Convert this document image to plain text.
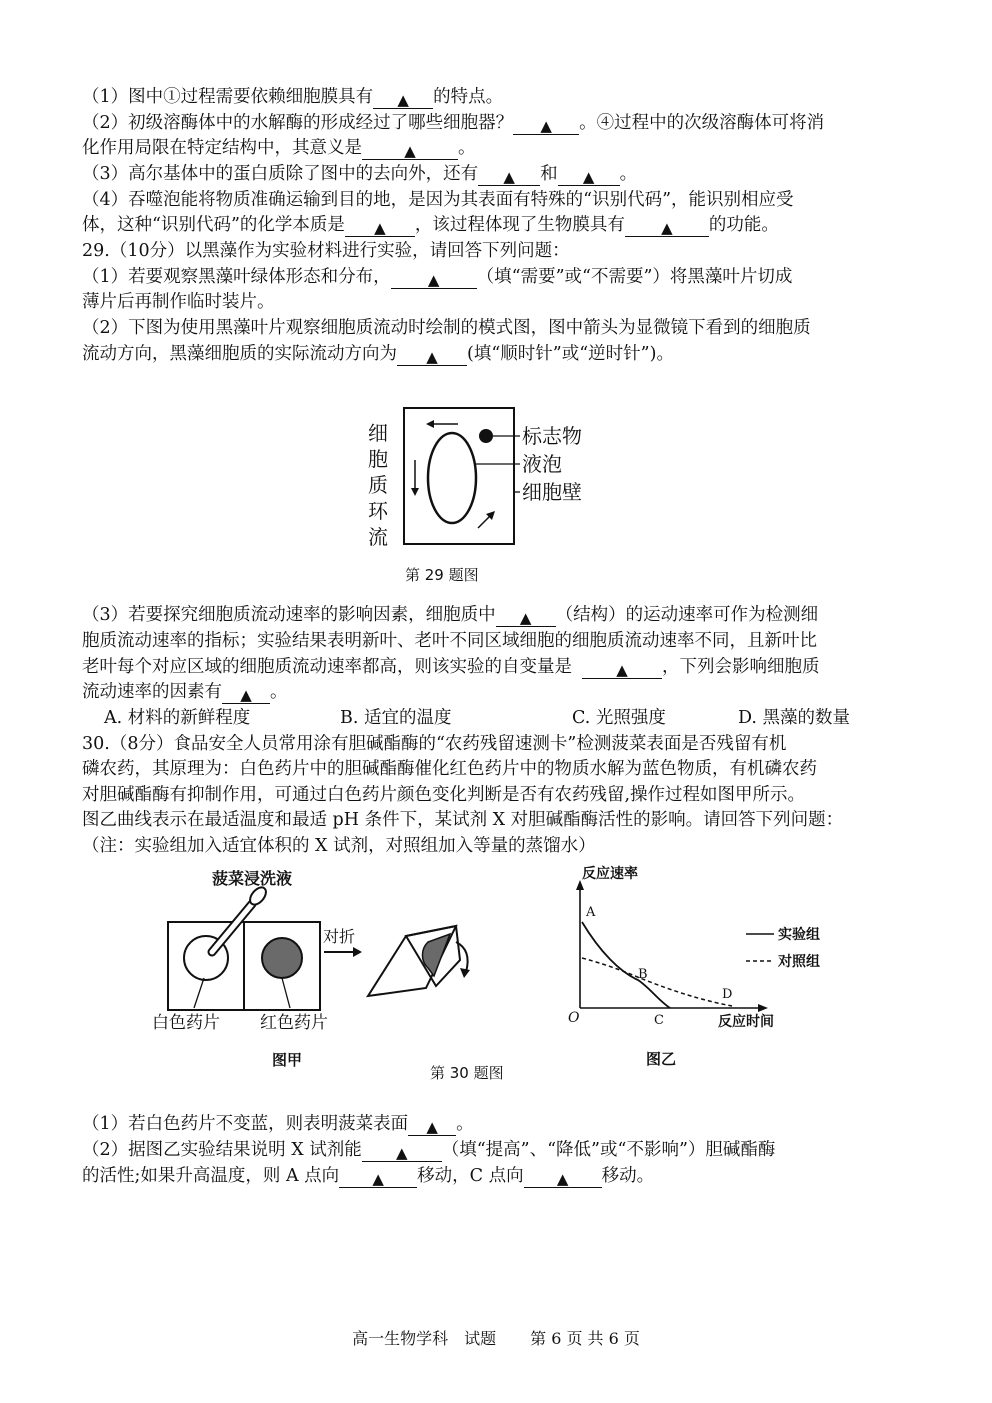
（1）图中①过程需要依赖细胞膜具有 ▲ 的特点。
（2）初级溶酶体中的水解酶的形成经过了哪些细胞器？ ▲ 。④过程中的次级溶酶体可将消
化作用局限在特定结构中，其意义是	▲ 。
（3）高尔基体中的蛋白质除了图中的去向外，还有 ▲ 和 ▲ 。
（4）吞噬泡能将物质准确运输到目的地，是因为其表面有特殊的“识别代码”，能识别相应受
体，这种“识别代码”的化学本质是 ▲ ，该过程体现了生物膜具有 ▲ 的功能。
29.（10分）以黑藻作为实验材料进行实验，请回答下列问题：
（1）若要观察黑藻叶绿体形态和分布， ▲ （填“需要”或“不需要”）将黑藻叶片切成
薄片后再制作临时装片。
（2）下图为使用黑藻叶片观察细胞质流动时绘制的模式图，图中箭头为显微镜下看到的细胞质
流动方向，黑藻细胞质的实际流动方向为 ▲ (填“顺时针”或“逆时针”)。
细
胞
质
环
流
标志物
液泡
细胞壁
第 29 题图
（3）若要探究细胞质流动速率的影响因素，细胞质中 ▲ （结构）的运动速率可作为检测细
胞质流动速率的指标；实验结果表明新叶、老叶不同区域细胞的细胞质流动速率不同，且新叶比
老叶每个对应区域的细胞质流动速率都高，则该实验的自变量是	▲ ，下列会影响细胞质
流动速率的因素有 ▲ 。
A. 材料的新鲜程度	B. 适宜的温度	C. 光照强度	D. 黑藻的数量
30.（8分）食品安全人员常用涂有胆碱酯酶的“农药残留速测卡”检测菠菜表面是否残留有机
磷农药，其原理为：白色药片中的胆碱酯酶催化红色药片中的物质水解为蓝色物质，有机磷农药
对胆碱酯酶有抑制作用，可通过白色药片颜色变化判断是否有农药残留,操作过程如图甲所示。
图乙曲线表示在最适温度和最适 pH 条件下，某试剂 X 对胆碱酯酶活性的影响。请回答下列问题：
（注：实验组加入适宜体积的 X 试剂，对照组加入等量的蒸馏水）
菠菜浸洗液
对折
白色药片 红色药片
图甲
反应速率
O	反应时间
A
B
C
D
实验组
对照组
图乙
第 30 题图
（1）若白色药片不变蓝，则表明菠菜表面 ▲ 。
（2）据图乙实验结果说明 X 试剂能 ▲ （填“提高”、“降低”或“不影响”）胆碱酯酶
的活性;如果升高温度，则 A 点向 ▲ 移动，C 点向 ▲ 移动。
高一生物学科　试题 第 6 页 共 6 页
